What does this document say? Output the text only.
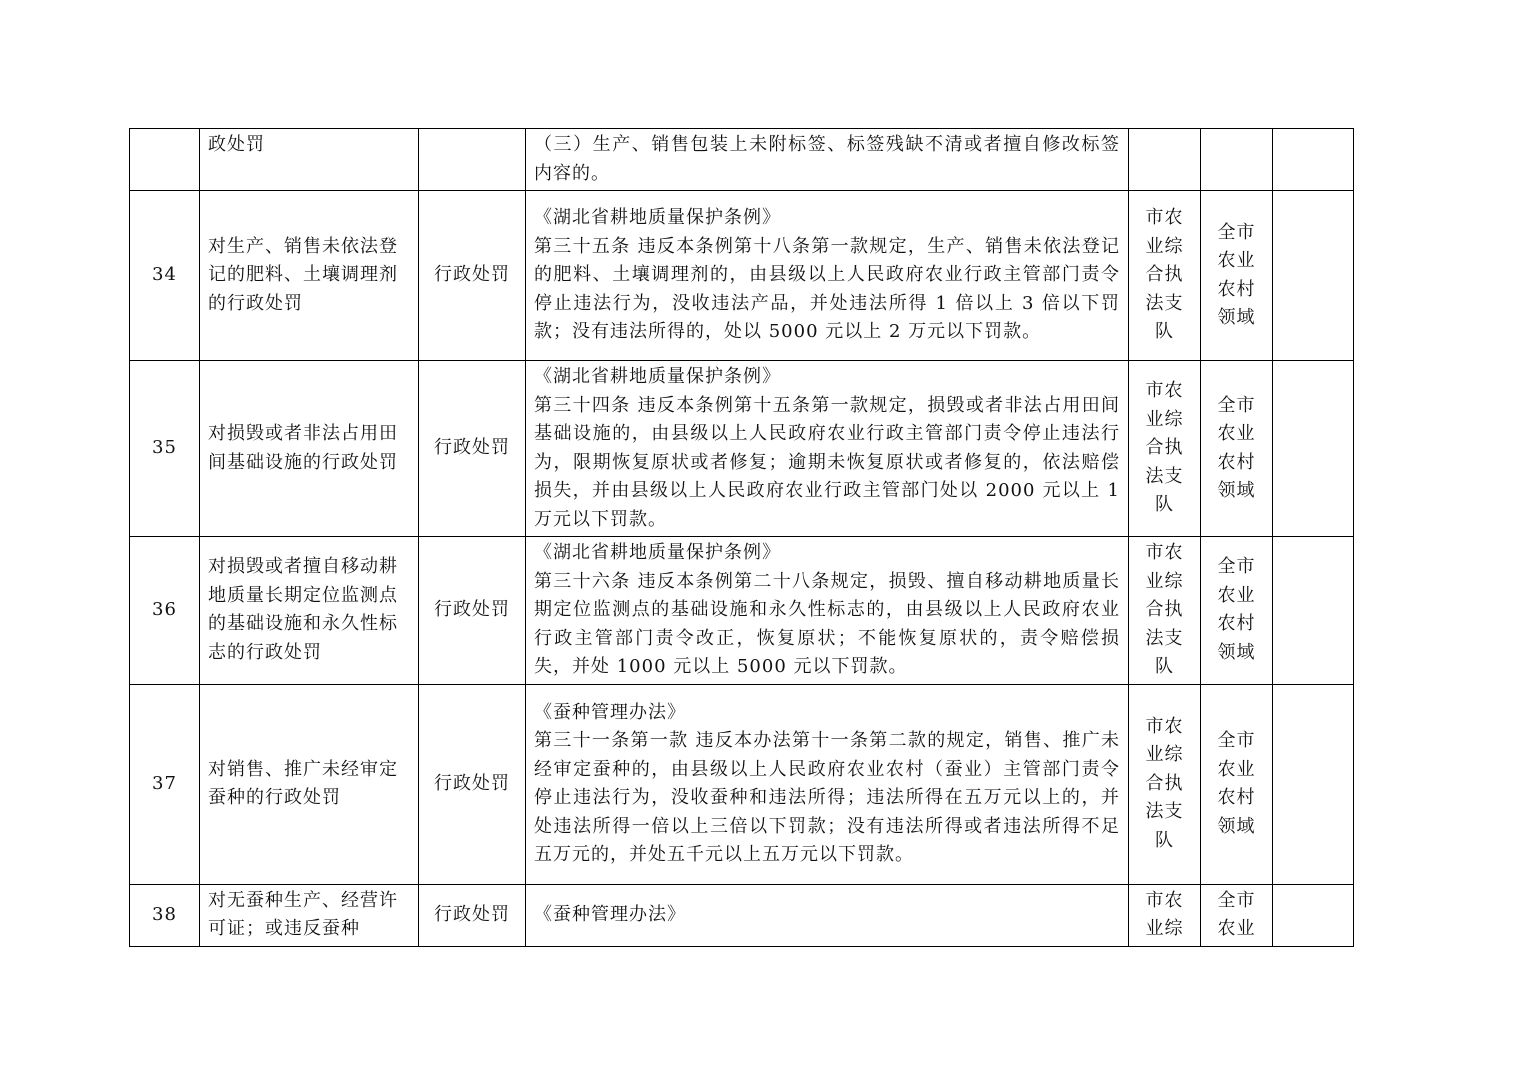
	政处罚		（三）生产、销售包装上未附标签、标签残缺不清或者擅自修改标签内容的。			

34	对生产、销售未依法登记的肥料、土壤调理剂的行政处罚	行政处罚	《湖北省耕地质量保护条例》
第三十五条 违反本条例第十八条第一款规定，生产、销售未依法登记的肥料、土壤调理剂的，由县级以上人民政府农业行政主管部门责令停止违法行为，没收违法产品，并处违法所得 1 倍以上 3 倍以下罚款；没有违法所得的，处以 5000 元以上 2 万元以下罚款。	市农业综合执法支队	全市农业农村领域	
35	对损毁或者非法占用田间基础设施的行政处罚	行政处罚	《湖北省耕地质量保护条例》
第三十四条 违反本条例第十五条第一款规定，损毁或者非法占用田间基础设施的，由县级以上人民政府农业行政主管部门责令停止违法行为，限期恢复原状或者修复；逾期未恢复原状或者修复的，依法赔偿损失，并由县级以上人民政府农业行政主管部门处以 2000 元以上 1 万元以下罚款。	市农业综合执法支队	全市农业农村领域	
36	对损毁或者擅自移动耕地质量长期定位监测点的基础设施和永久性标志的行政处罚	行政处罚	《湖北省耕地质量保护条例》
第三十六条 违反本条例第二十八条规定，损毁、擅自移动耕地质量长期定位监测点的基础设施和永久性标志的，由县级以上人民政府农业行政主管部门责令改正，恢复原状；不能恢复原状的，责令赔偿损失，并处 1000 元以上 5000 元以下罚款。	市农业综合执法支队	全市农业农村领域	
37	对销售、推广未经审定蚕种的行政处罚	行政处罚	《蚕种管理办法》
第三十一条第一款 违反本办法第十一条第二款的规定，销售、推广未经审定蚕种的，由县级以上人民政府农业农村（蚕业）主管部门责令停止违法行为，没收蚕种和违法所得；违法所得在五万元以上的，并处违法所得一倍以上三倍以下罚款；没有违法所得或者违法所得不足五万元的，并处五千元以上五万元以下罚款。	市农业综合执法支队	全市农业农村领域	
38	对无蚕种生产、经营许可证；或违反蚕种	行政处罚	《蚕种管理办法》	市农业综	全市农业	
